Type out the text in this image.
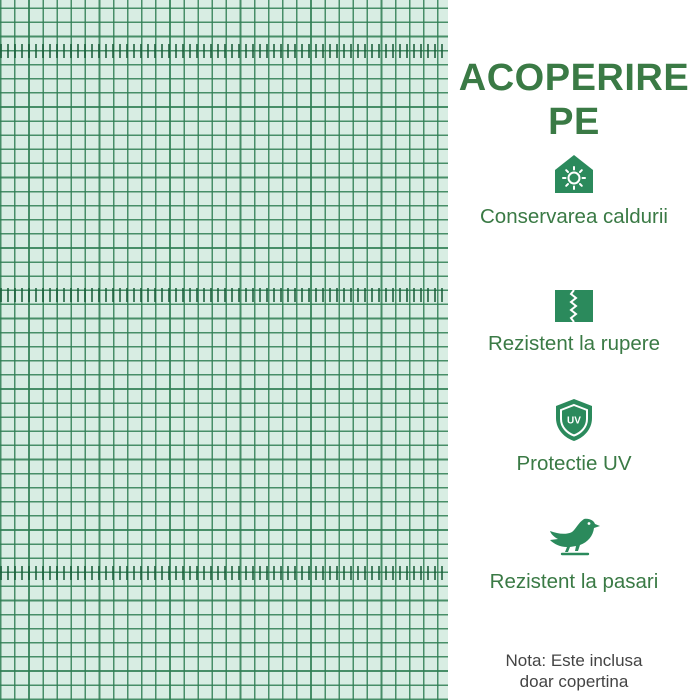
ACOPERIRE
PE
Conservarea caldurii
Rezistent la rupere
UV
Protectie UV
Rezistent la pasari
Nota: Este inclusa
doar copertina
